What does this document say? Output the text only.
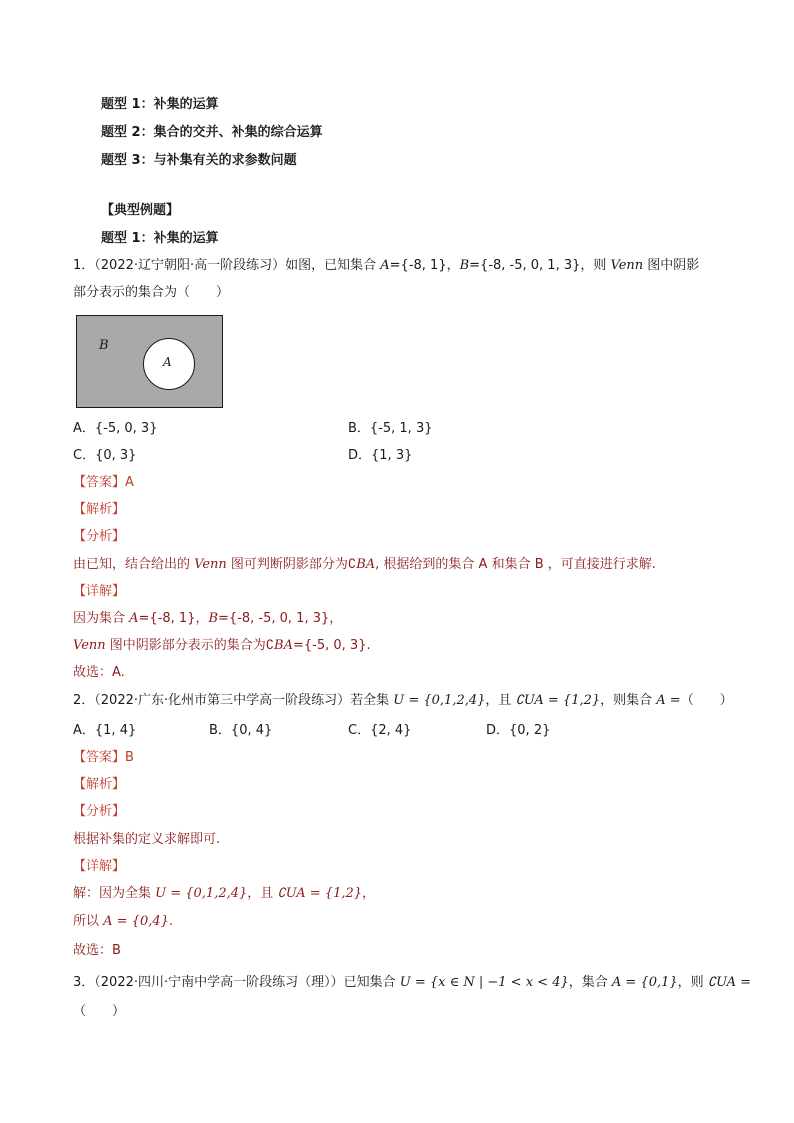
题型 1：补集的运算
题型 2：集合的交并、补集的综合运算
题型 3：与补集有关的求参数问题
【典型例题】
题型 1：补集的运算
1．（2022·辽宁朝阳·高一阶段练习）如图，已知集合 A={-8, 1}，B={-8, -5, 0, 1, 3}，则 Venn 图中阴影
部分表示的集合为（　　）
B
A
A．{-5, 0, 3}	B．{-5, 1, 3}
C．{0, 3}	D．{1, 3}
【答案】A
【解析】
【分析】
由已知，结合给出的 Venn 图可判断阴影部分为∁BA, 根据给到的集合 A 和集合 B ，可直接进行求解.
【详解】
因为集合 A={-8, 1}，B={-8, -5, 0, 1, 3}，
Venn 图中阴影部分表示的集合为∁BA={-5, 0, 3}.
故选：A.
2．（2022·广东·化州市第三中学高一阶段练习）若全集 U = {0,1,2,4}，且 ∁UA = {1,2}，则集合 A =（　　）
A．{1, 4}	B．{0, 4}	C．{2, 4}	D．{0, 2}
【答案】B
【解析】
【分析】
根据补集的定义求解即可.
【详解】
解：因为全集 U = {0,1,2,4}，且 ∁UA = {1,2}，
所以 A = {0,4}.
故选：B
3．（2022·四川·宁南中学高一阶段练习（理））已知集合 U = {x ∈ N | −1 < x < 4}，集合 A = {0,1}，则 ∁UA =
（　　）
